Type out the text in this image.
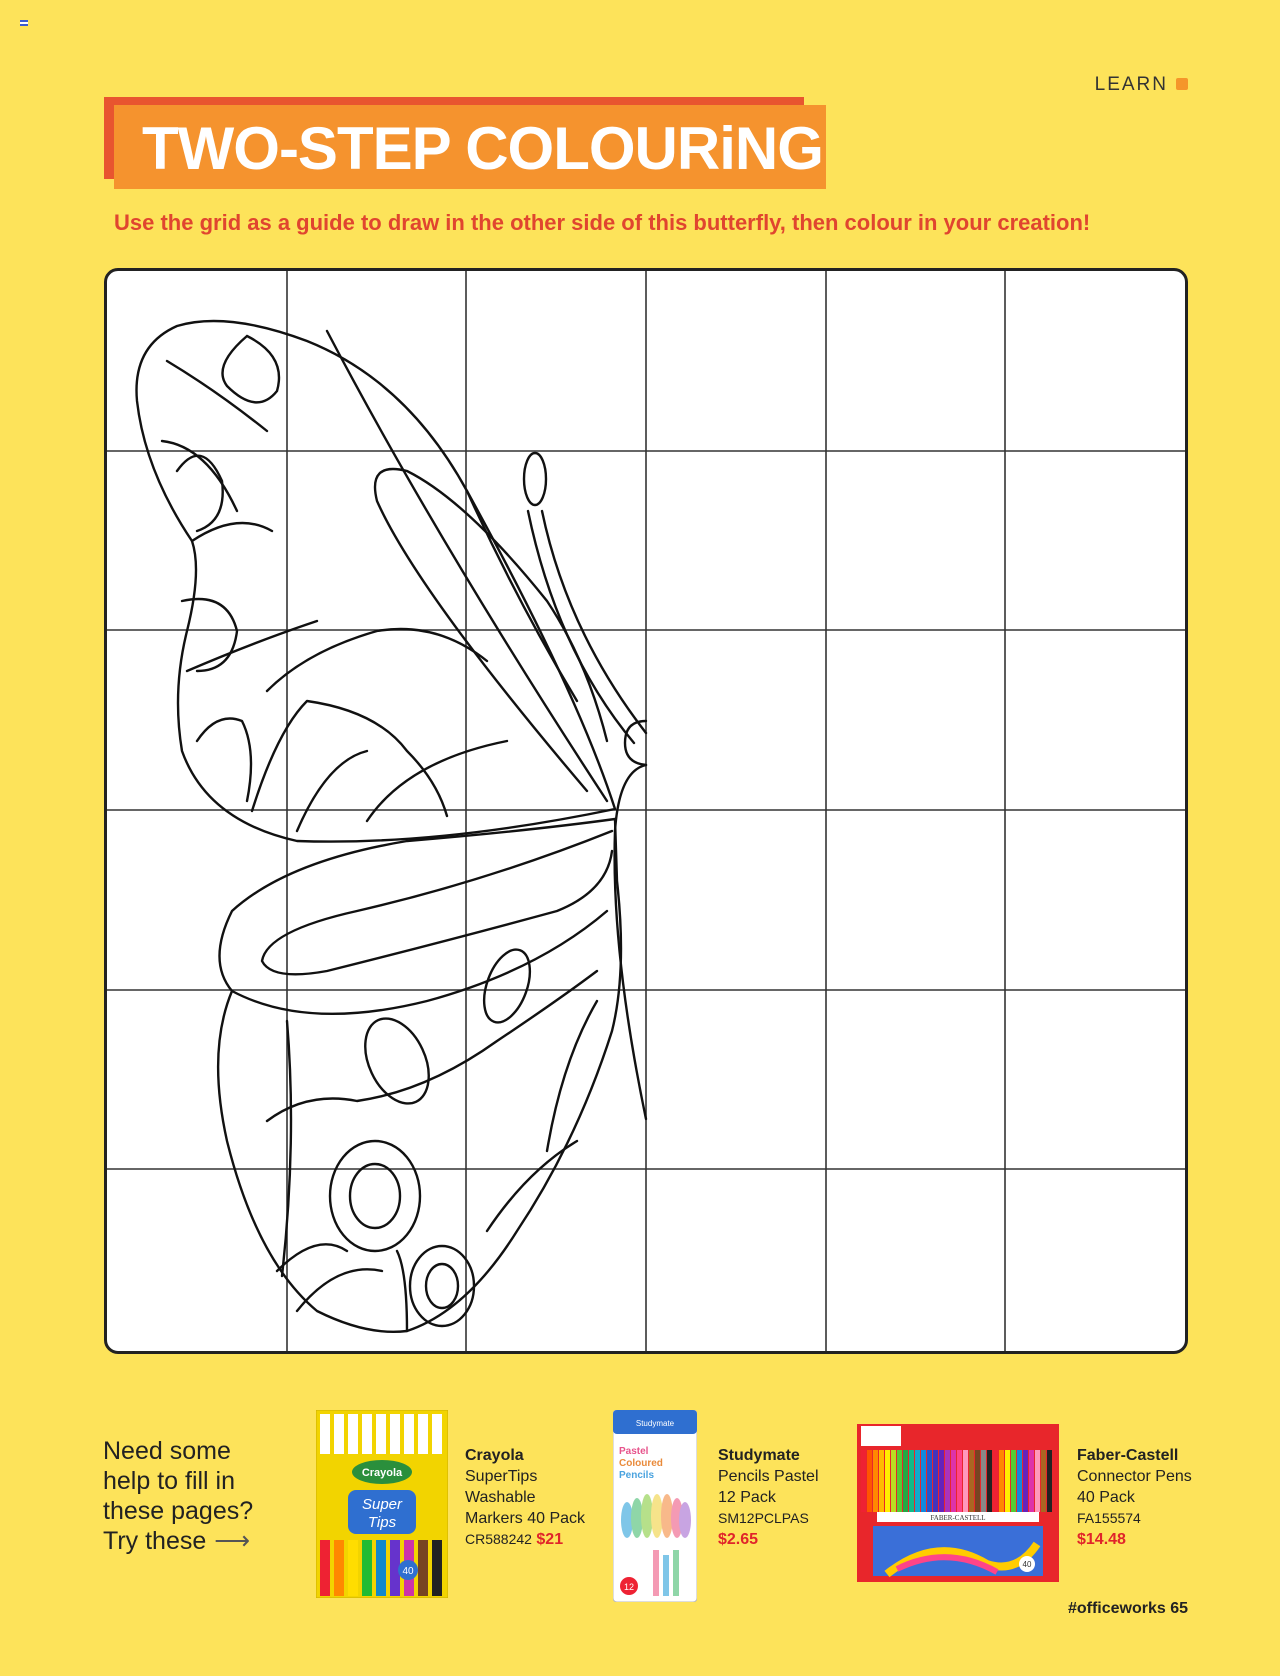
LEARN
TWO-STEP COLOURiNG
Use the grid as a guide to draw in the other side of this butterfly, then colour in your creation!
Need some
help to fill in
these pages?
Try these ⟶
Crayola
Super
Tips
40
Crayola
SuperTips
Washable
Markers 40 Pack
CR588242 $21
Studymate
Pastel
Coloured
Pencils
12
Studymate
Pencils Pastel
12 Pack
SM12PCLPAS
$2.65
FABER-CASTELL
40
Faber-Castell
Connector Pens
40 Pack
FA155574
$14.48
#officeworks 65
